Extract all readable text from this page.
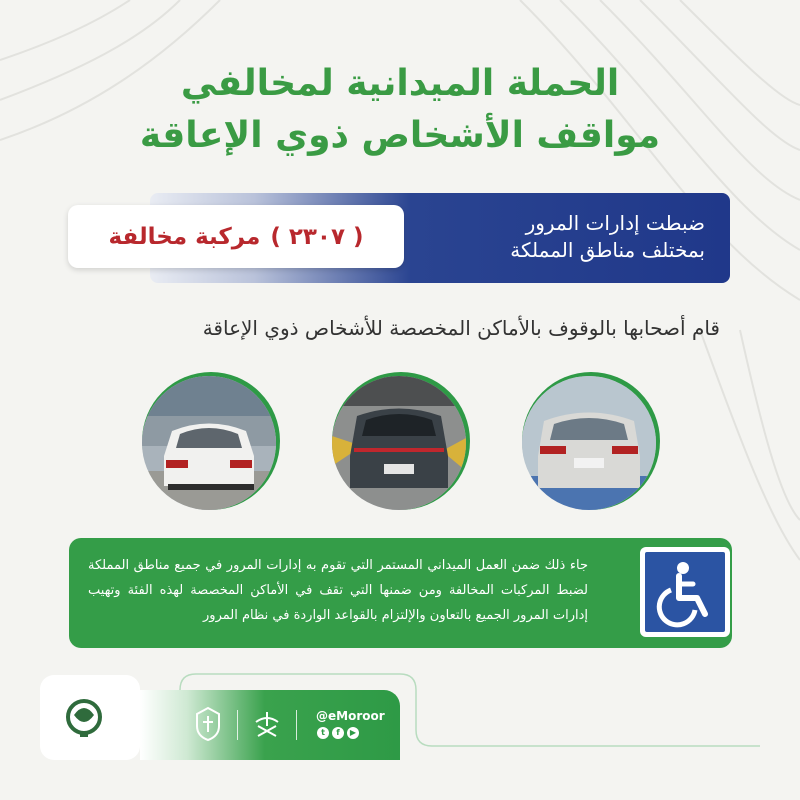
الحملة الميدانية لمخالفي
مواقف الأشخاص ذوي الإعاقة
ضبطت إدارات المرور
بمختلف مناطق المملكة
( ٢٣٠٧ )
مركبة مخالفة

قام أصحابها بالوقوف بالأماكن المخصصة للأشخاص ذوي الإعاقة

جاء ذلك ضمن العمل الميداني المستمر التي تقوم به إدارات المرور في جميع مناطق المملكة لضبط المركبات المخالفة ومن ضمنها التي تقف في الأماكن المخصصة لهذه الفئة وتهيب إدارات المرور الجميع بالتعاون والإلتزام بالقواعد الواردة في نظام المرور

@eMoroor
t	f	▶
